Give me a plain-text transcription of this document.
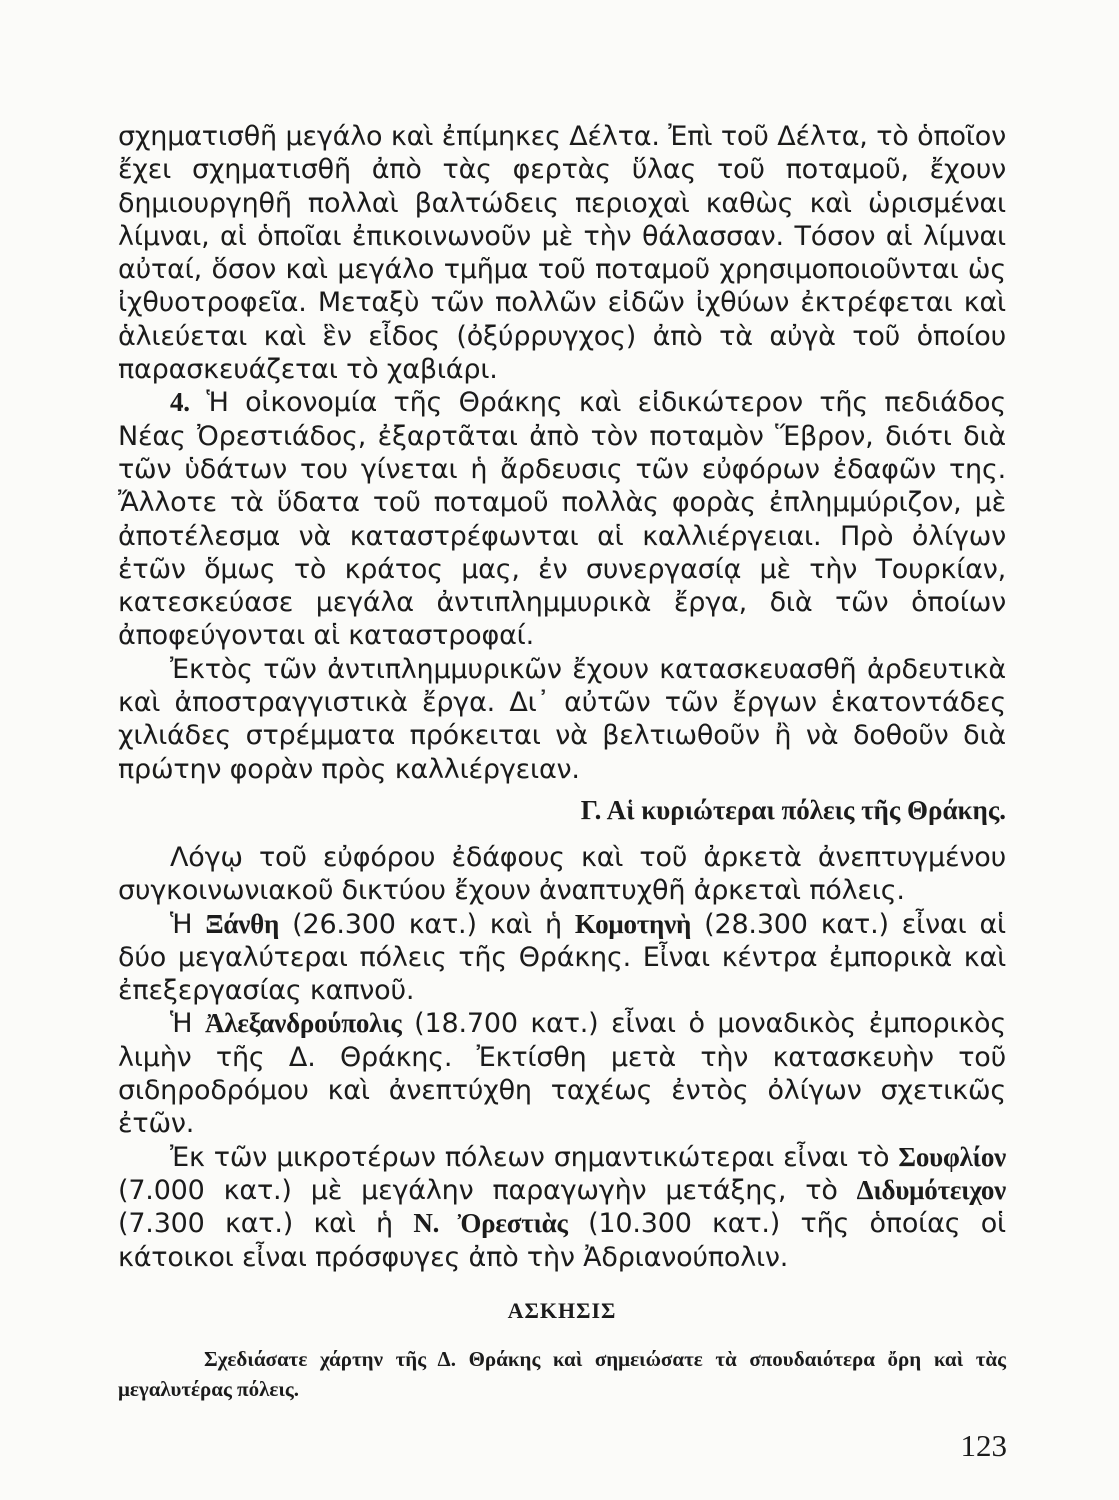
σχηματισθῆ μεγάλο καὶ ἐπίμηκες Δέλτα. Ἐπὶ τοῦ Δέλτα, τὸ ὁποῖον ἔχει σχηματισθῆ ἀπὸ τὰς φερτὰς ὕλας τοῦ ποταμοῦ, ἔχουν δημιουργηθῆ πολλαὶ βαλτώδεις περιοχαὶ καθὼς καὶ ὡρισμέναι λίμναι, αἱ ὁποῖαι ἐπικοινωνοῦν μὲ τὴν θάλασσαν. Τόσον αἱ λίμναι αὐταί, ὅσον καὶ μεγάλο τμῆμα τοῦ ποταμοῦ χρησιμοποιοῦνται ὡς ἰχθυοτροφεῖα. Μεταξὺ τῶν πολλῶν εἰδῶν ἰχθύων ἐκτρέφεται καὶ ἁλιεύεται καὶ ἓν εἶδος (ὀξύρρυγχος) ἀπὸ τὰ αὐγὰ τοῦ ὁποίου παρασκευάζεται τὸ χαβιάρι.

4. Ἡ οἰκονομία τῆς Θράκης καὶ εἰδικώτερον τῆς πεδιάδος Νέας Ὀρεστιάδος, ἐξαρτᾶται ἀπὸ τὸν ποταμὸν Ἕβρον, διότι διὰ τῶν ὑδάτων του γίνεται ἡ ἄρδευσις τῶν εὐφόρων ἐδαφῶν της. Ἄλλοτε τὰ ὕδατα τοῦ ποταμοῦ πολλὰς φορὰς ἐπλημμύριζον, μὲ ἀποτέλεσμα νὰ καταστρέφωνται αἱ καλλιέργειαι. Πρὸ ὀλίγων ἐτῶν ὅμως τὸ κράτος μας, ἐν συνεργασίᾳ μὲ τὴν Τουρκίαν, κατεσκεύασε μεγάλα ἀντιπλημμυρικὰ ἔργα, διὰ τῶν ὁποίων ἀποφεύγονται αἱ καταστροφαί.

Ἐκτὸς τῶν ἀντιπλημμυρικῶν ἔχουν κατασκευασθῆ ἀρδευτικὰ καὶ ἀποστραγγιστικὰ ἔργα. Δι᾿ αὐτῶν τῶν ἔργων ἑκατοντάδες χιλιάδες στρέμματα πρόκειται νὰ βελτιωθοῦν ἢ νὰ δοθοῦν διὰ πρώτην φορὰν πρὸς καλλιέργειαν.

Γ. Αἱ κυριώτεραι πόλεις τῆς Θράκης.

Λόγῳ τοῦ εὐφόρου ἐδάφους καὶ τοῦ ἀρκετὰ ἀνεπτυγμένου συγκοινωνιακοῦ δικτύου ἔχουν ἀναπτυχθῆ ἀρκεταὶ πόλεις.

Ἡ Ξάνθη (26.300 κατ.) καὶ ἡ Κομοτηνὴ (28.300 κατ.) εἶναι αἱ δύο μεγαλύτεραι πόλεις τῆς Θράκης. Εἶναι κέντρα ἐμπορικὰ καὶ ἐπεξεργασίας καπνοῦ.

Ἡ Ἀλεξανδρούπολις (18.700 κατ.) εἶναι ὁ μοναδικὸς ἐμπορικὸς λιμὴν τῆς Δ. Θράκης. Ἐκτίσθη μετὰ τὴν κατασκευὴν τοῦ σιδηροδρόμου καὶ ἀνεπτύχθη ταχέως ἐντὸς ὀλίγων σχετικῶς ἐτῶν.

Ἐκ τῶν μικροτέρων πόλεων σημαντικώτεραι εἶναι τὸ Σουφλίον (7.000 κατ.) μὲ μεγάλην παραγωγὴν μετάξης, τὸ Διδυμότειχον (7.300 κατ.) καὶ ἡ Ν. Ὀρεστιὰς (10.300 κατ.) τῆς ὁποίας οἱ κάτοικοι εἶναι πρόσφυγες ἀπὸ τὴν Ἀδριανούπολιν.

ΑΣΚΗΣΙΣ

Σχεδιάσατε χάρτην τῆς Δ. Θράκης καὶ σημειώσατε τὰ σπουδαιότερα ὄρη καὶ τὰς μεγαλυτέρας πόλεις.

123
